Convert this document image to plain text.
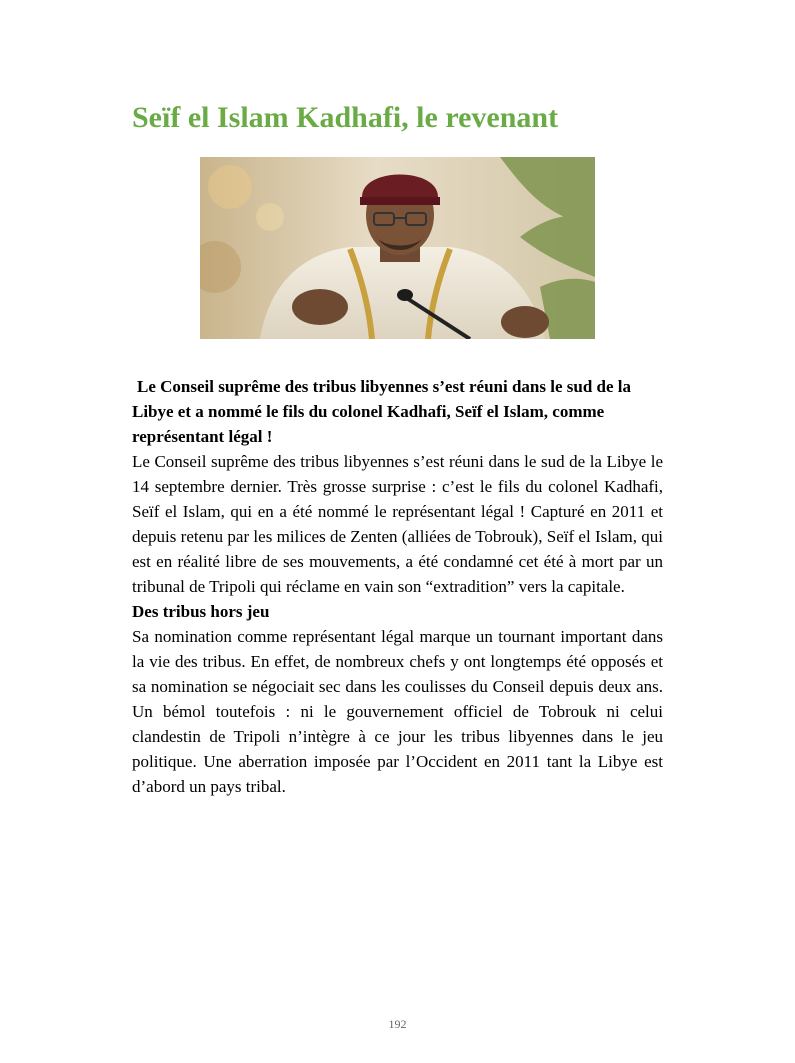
Seïf el Islam Kadhafi, le revenant

Le Conseil suprême des tribus libyennes s’est réuni dans le sud de la Libye et a nommé le fils du colonel Kadhafi, Seïf el Islam, comme représentant légal !

Le Conseil suprême des tribus libyennes s’est réuni dans le sud de la Libye le 14 septembre dernier. Très grosse surprise : c’est le fils du colonel Kadhafi, Seïf el Islam, qui en a été nommé le représentant légal ! Capturé en 2011 et depuis retenu par les milices de Zenten (alliées de Tobrouk), Seïf el Islam, qui est en réalité libre de ses mouvements, a été condamné cet été à mort par un tribunal de Tripoli qui réclame en vain son “extradition” vers la capitale.

Des tribus hors jeu

Sa nomination comme représentant légal marque un tournant important dans la vie des tribus. En effet, de nombreux chefs y ont longtemps été opposés et sa nomination se négociait sec dans les coulisses du Conseil depuis deux ans. Un bémol toutefois : ni le gouvernement officiel de Tobrouk ni celui clandestin de Tripoli n’intègre à ce jour les tribus libyennes dans le jeu politique. Une aberration imposée par l’Occident en 2011 tant la Libye est d’abord un pays tribal.

192
